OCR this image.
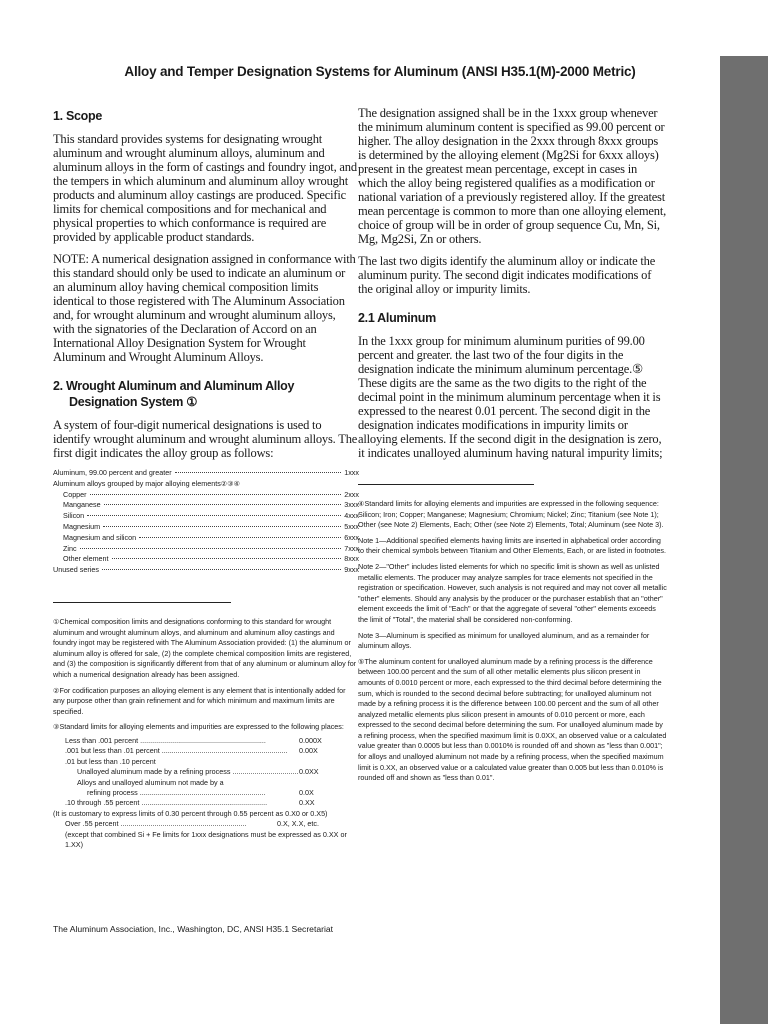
Alloy and Temper Designation Systems for Aluminum (ANSI H35.1(M)-2000 Metric)
1. Scope

This standard provides systems for designating wrought aluminum and wrought aluminum alloys, aluminum and aluminum alloys in the form of castings and foundry ingot, and the tempers in which aluminum and aluminum alloy wrought products and aluminum alloy castings are produced. Specific limits for chemical compositions and for mechanical and physical properties to which conformance is required are provided by applicable product standards.

NOTE: A numerical designation assigned in conformance with this standard should only be used to indicate an aluminum or an aluminum alloy having chemical composition limits identical to those registered with The Aluminum Association and, for wrought aluminum and wrought aluminum alloys, with the signatories of the Declaration of Accord on an International Alloy Designation System for Wrought Aluminum and Wrought Aluminum Alloys.

2. Wrought Aluminum and Aluminum Alloy
Designation System ①

A system of four-digit numerical designations is used to identify wrought aluminum and wrought aluminum alloys. The first digit indicates the alloy group as follows:

Aluminum, 99.00 percent and greater	1xxx
Aluminum alloys grouped by major alloying elements②③④
Copper	2xxx
Manganese	3xxx
Silicon	4xxx
Magnesium	5xxx
Magnesium and silicon	6xxx
Zinc	7xxx
Other element	8xxx
Unused series	9xxx

①Chemical composition limits and designations conforming to this standard for wrought aluminum and wrought aluminum alloys, and aluminum and aluminum alloy castings and foundry ingot may be registered with The Aluminum Association provided: (1) the aluminum or aluminum alloy is offered for sale, (2) the complete chemical composition limits are registered, and (3) the composition is significantly different from that of any aluminum or aluminum alloy for which a numerical designation already has been assigned.

②For codification purposes an alloying element is any element that is intentionally added for any purpose other than grain refinement and for which minimum and maximum limits are specified.

③Standard limits for alloying elements and impurities are expressed to the following places:

Less than .001 percent .....	0.000X
.001 but less than .01 percent .....	0.00X
.01 but less than .10 percent
Unalloyed aluminum made by a refining process .....	0.0XX
Alloys and unalloyed aluminum not made by a
refining process .....	0.0X
.10 through .55 percent .....	0.XX

(It is customary to express limits of 0.30 percent through 0.55 percent as 0.X0 or 0.X5)

Over .55 percent .....	0.X, X.X, etc.

(except that combined Si + Fe limits for 1xxx designations must be expressed as 0.XX or 1.XX)

The designation assigned shall be in the 1xxx group whenever the minimum aluminum content is specified as 99.00 percent or higher. The alloy designation in the 2xxx through 8xxx groups is determined by the alloying element (Mg2Si for 6xxx alloys) present in the greatest mean percentage, except in cases in which the alloy being registered qualifies as a modification or national variation of a previously registered alloy. If the greatest mean percentage is common to more than one alloying element, choice of group will be in order of group sequence Cu, Mn, Si, Mg, Mg2Si, Zn or others.

The last two digits identify the aluminum alloy or indicate the aluminum purity. The second digit indicates modifications of the original alloy or impurity limits.

2.1 Aluminum

In the 1xxx group for minimum aluminum purities of 99.00 percent and greater. the last two of the four digits in the designation indicate the minimum aluminum percentage.⑤ These digits are the same as the two digits to the right of the decimal point in the minimum aluminum percentage when it is expressed to the nearest 0.01 percent. The second digit in the designation indicates modifications in impurity limits or alloying elements. If the second digit in the designation is zero, it indicates unalloyed aluminum having natural impurity limits;

④Standard limits for alloying elements and impurities are expressed in the following sequence: Silicon; Iron; Copper; Manganese; Magnesium; Chromium; Nickel; Zinc; Titanium (see Note 1); Other (see Note 2) Elements, Each; Other (see Note 2) Elements, Total; Aluminum (see Note 3).

Note 1—Additional specified elements having limits are inserted in alphabetical order according to their chemical symbols between Titanium and Other Elements, Each, or are listed in footnotes.

Note 2—"Other" includes listed elements for which no specific limit is shown as well as unlisted metallic elements. The producer may analyze samples for trace elements not specified in the registration or specification. However, such analysis is not required and may not cover all metallic "other" elements. Should any analysis by the producer or the purchaser establish that an "other" element exceeds the limit of "Each" or that the aggregate of several "other" elements exceeds the limit of "Total", the material shall be considered non-conforming.

Note 3—Aluminum is specified as minimum for unalloyed aluminum, and as a remainder for aluminum alloys.

⑤The aluminum content for unalloyed aluminum made by a refining process is the difference between 100.00 percent and the sum of all other metallic elements plus silicon present in amounts of 0.0010 percent or more, each expressed to the third decimal before determining the sum, which is rounded to the second decimal before subtracting; for unalloyed aluminum not made by a refining process it is the difference between 100.00 percent and the sum of all other analyzed metallic elements plus silicon present in amounts of 0.010 percent or more, each expressed to the second decimal before determining the sum. For unalloyed aluminum made by a refining process, when the specified maximum limit is 0.0XX, an observed value or a calculated value greater than 0.0005 but less than 0.0010% is rounded off and shown as "less than 0.001"; for alloys and unalloyed aluminum not made by a refining process, when the specified maximum limit is 0.XX, an observed value or a calculated value greater than 0.005 but less than 0.010% is rounded off and shown as "less than 0.01".

The Aluminum Association, Inc., Washington, DC, ANSI H35.1 Secretariat
